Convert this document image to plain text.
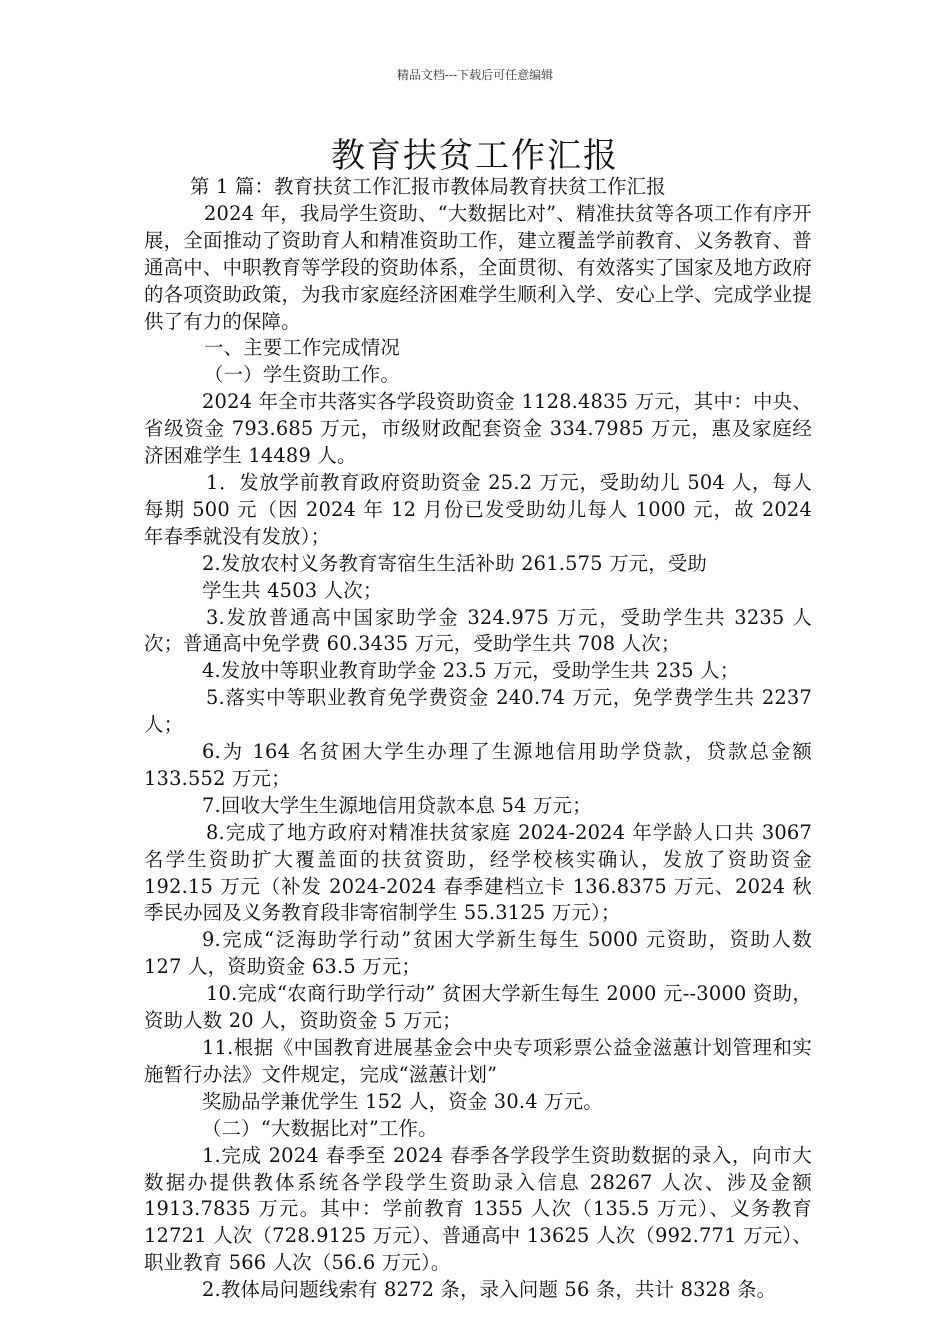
精品文档---下载后可任意编辑
教育扶贫工作汇报

第 1 篇：教育扶贫工作汇报市教体局教育扶贫工作汇报

2024 年，我局学生资助、“大数据比对”、精准扶贫等各项工作有序开展，全面推动了资助育人和精准资助工作，建立覆盖学前教育、义务教育、普通高中、中职教育等学段的资助体系，全面贯彻、有效落实了国家及地方政府的各项资助政策，为我市家庭经济困难学生顺利入学、安心上学、完成学业提供了有力的保障。

一、主要工作完成情况

（一）学生资助工作。

2024 年全市共落实各学段资助资金 1128.4835 万元，其中：中央、省级资金 793.685 万元，市级财政配套资金 334.7985 万元，惠及家庭经济困难学生 14489 人。

1．发放学前教育政府资助资金 25.2 万元，受助幼儿 504 人，每人每期 500 元（因 2024 年 12 月份已发受助幼儿每人 1000 元，故 2024 年春季就没有发放）；

2.发放农村义务教育寄宿生生活补助 261.575 万元，受助

学生共 4503 人次；

3.发放普通高中国家助学金 324.975 万元，受助学生共 3235 人次；普通高中免学费 60.3435 万元，受助学生共 708 人次；

4.发放中等职业教育助学金 23.5 万元，受助学生共 235 人；

5.落实中等职业教育免学费资金 240.74 万元，免学费学生共 2237 人；

6.为 164 名贫困大学生办理了生源地信用助学贷款，贷款总金额 133.552 万元；

7.回收大学生生源地信用贷款本息 54 万元；

8.完成了地方政府对精准扶贫家庭 2024-2024 年学龄人口共 3067 名学生资助扩大覆盖面的扶贫资助，经学校核实确认，发放了资助资金 192.15 万元（补发 2024-2024 春季建档立卡 136.8375 万元、2024 秋季民办园及义务教育段非寄宿制学生 55.3125 万元）；

9.完成“泛海助学行动”贫困大学新生每生 5000 元资助，资助人数 127 人，资助资金 63.5 万元；

10.完成“农商行助学行动” 贫困大学新生每生 2000 元--3000 资助，资助人数 20 人，资助资金 5 万元；

11.根据《中国教育进展基金会中央专项彩票公益金滋蕙计划管理和实施暂行办法》文件规定，完成“滋蕙计划”

奖励品学兼优学生 152 人，资金 30.4 万元。

（二）“大数据比对”工作。

1.完成 2024 春季至 2024 春季各学段学生资助数据的录入，向市大数据办提供教体系统各学段学生资助录入信息 28267 人次、涉及金额 1913.7835 万元。其中：学前教育 1355 人次（135.5 万元）、义务教育 12721 人次（728.9125 万元）、普通高中 13625 人次（992.771 万元）、职业教育 566 人次（56.6 万元）。

2.教体局问题线索有 8272 条，录入问题 56 条，共计 8328 条。
